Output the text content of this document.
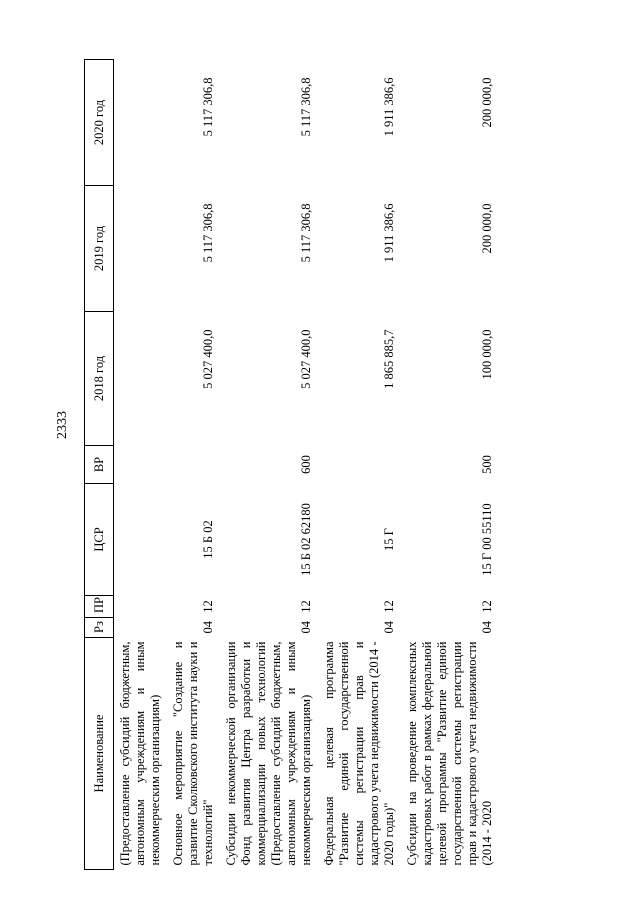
2333
Наименование	Рз	ПР	ЦСР	ВР	2018 год	2019 год	2020 год
(Предоставление субсидий бюджетным, автономным учреждениям и иным некоммерческим организациям)							
Основное мероприятие "Создание и развитие Сколковского института науки и технологий"	04	12	15 Б 02		5 027 400,0	5 117 306,8	5 117 306,8
Субсидии некоммерческой организации Фонд развития Центра разработки и коммерциализации новых технологий (Предоставление субсидий бюджетным, автономным учреждениям и иным некоммерческим организациям)	04	12	15 Б 02 62180	600	5 027 400,0	5 117 306,8	5 117 306,8
Федеральная целевая программа "Развитие единой государственной системы регистрации прав и кадастрового учета недвижимости (2014 - 2020 годы)"	04	12	15 Г		1 865 885,7	1 911 386,6	1 911 386,6
Субсидии на проведение комплексных кадастровых работ в рамках федеральной целевой программы "Развитие единой государственной системы регистрации прав и кадастрового учета недвижимости (2014 - 2020	04	12	15 Г 00 55110	500	100 000,0	200 000,0	200 000,0
